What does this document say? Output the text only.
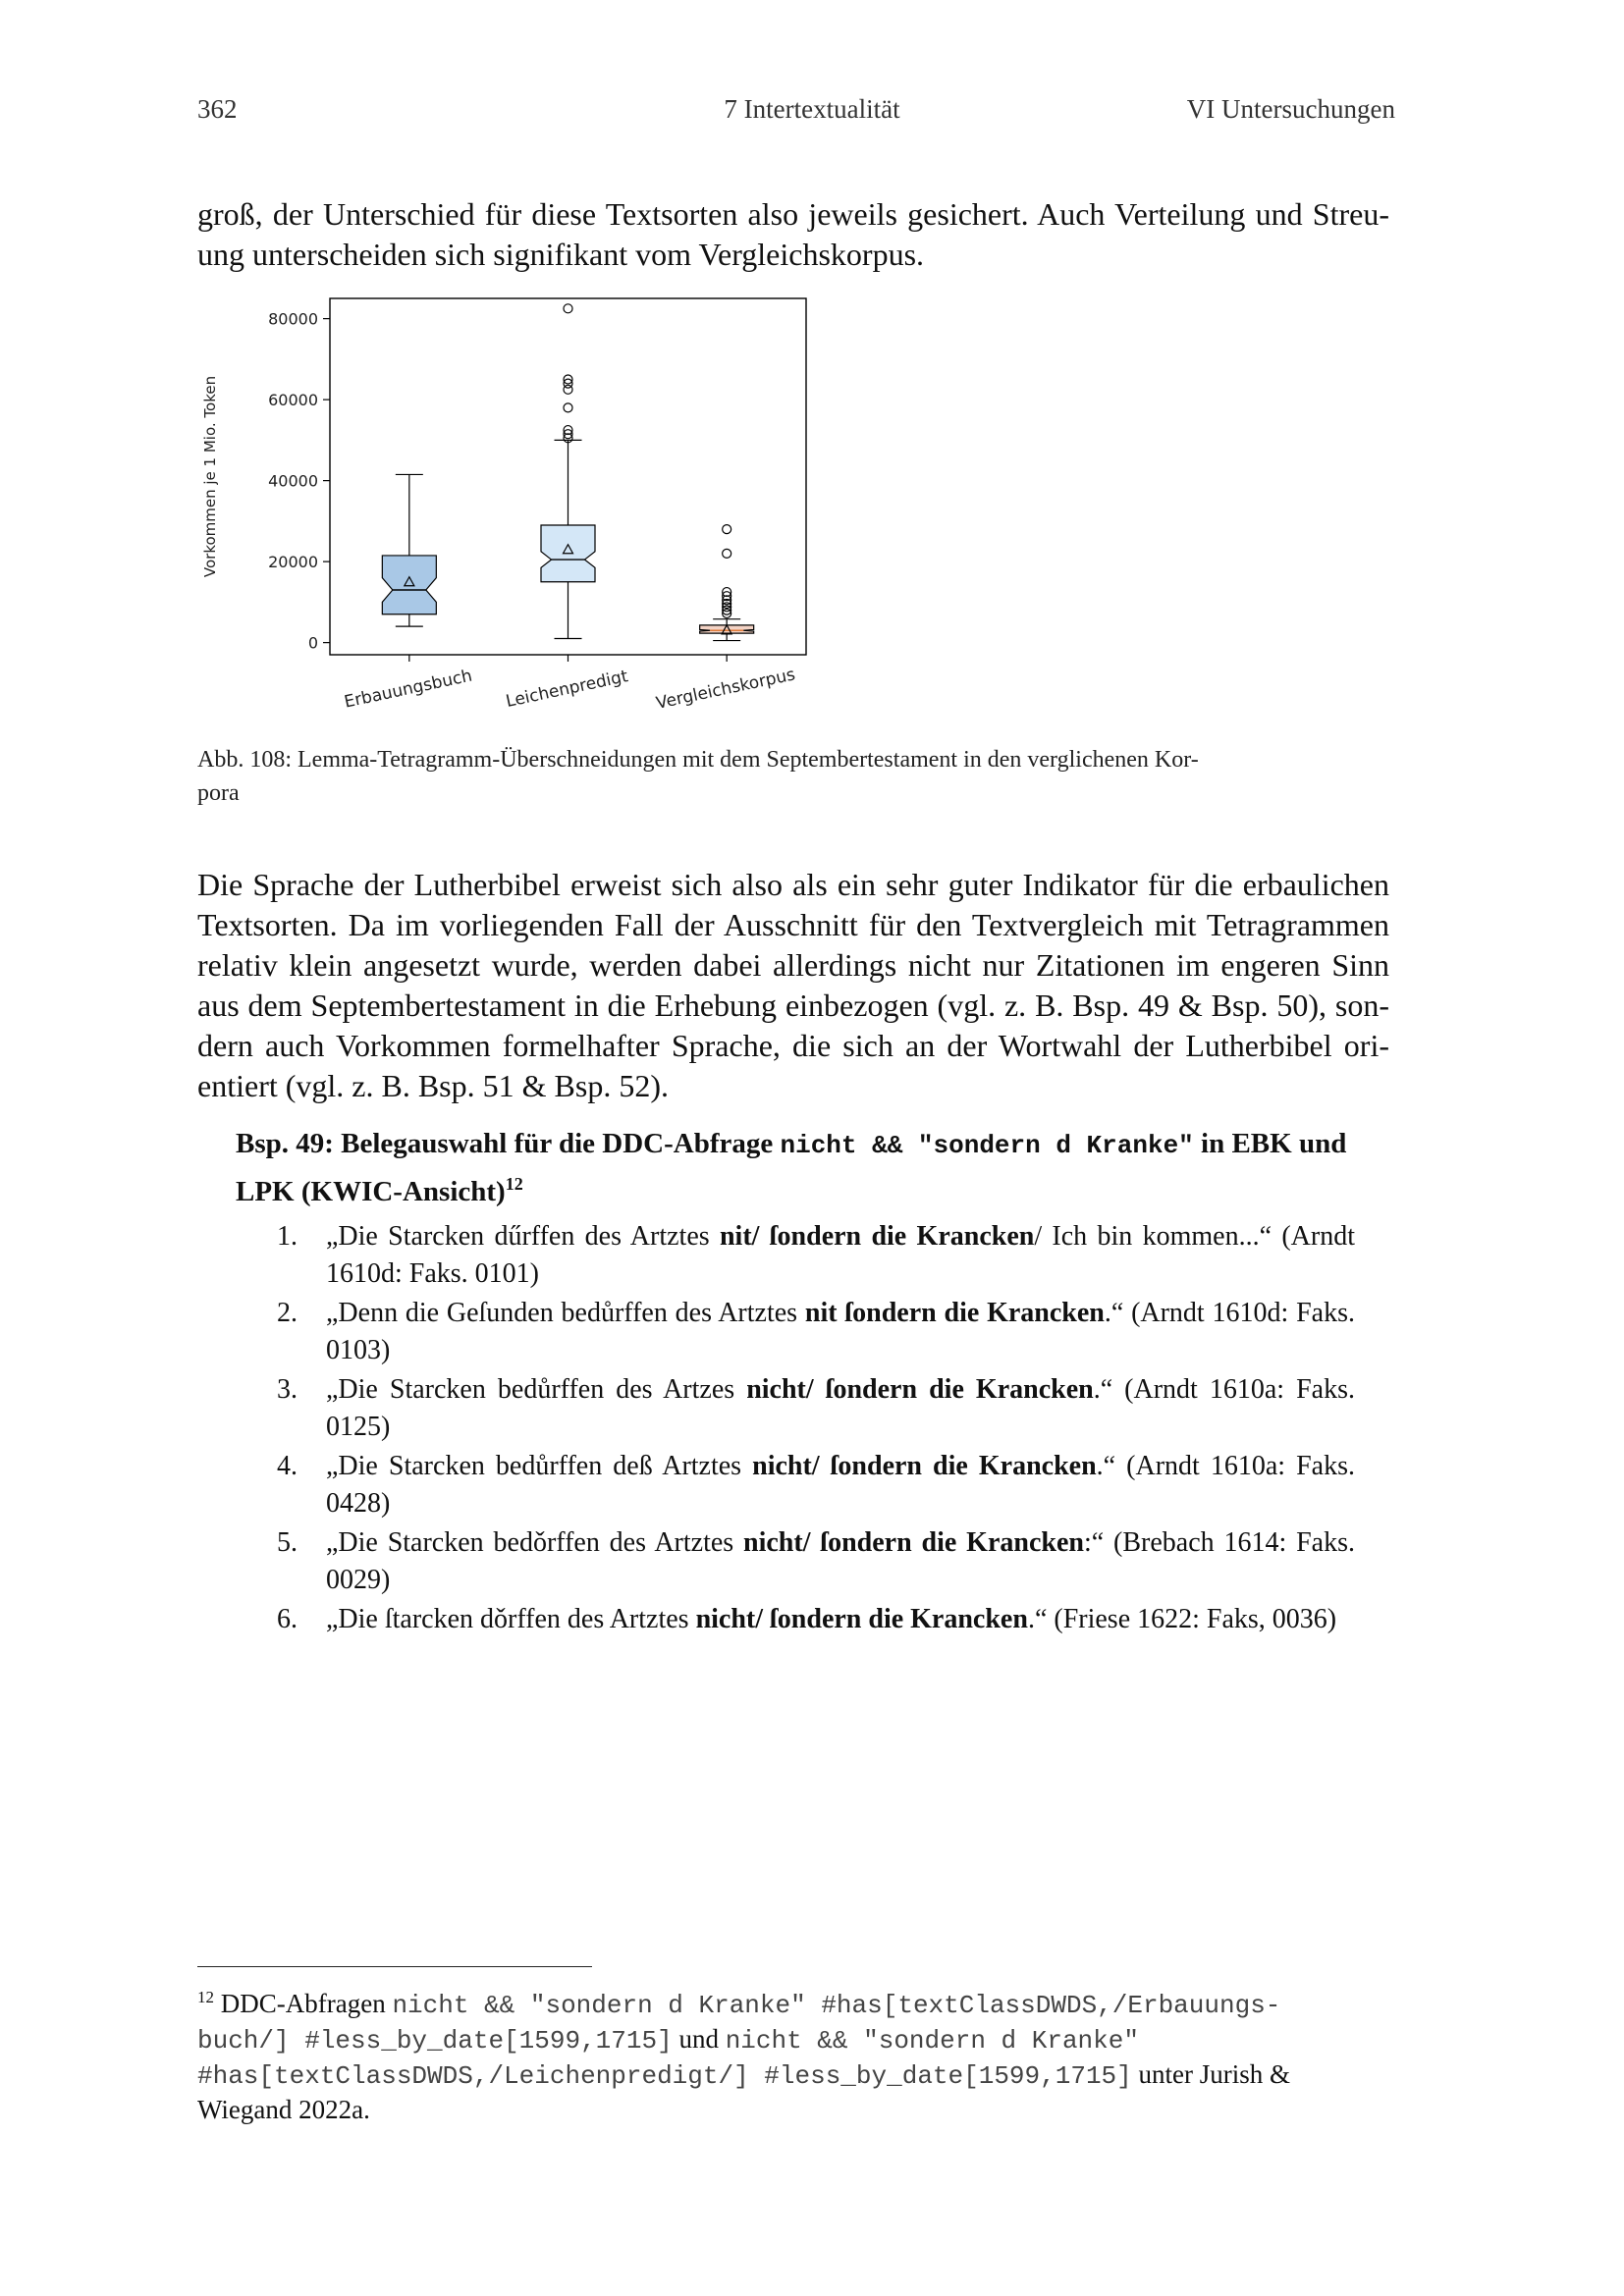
362	7 Intertextualität	VI Untersuchungen
groß, der Unterschied für diese Textsorten also jeweils gesichert. Auch Verteilung und Streu-
ung unterscheiden sich signifikant vom Vergleichskorpus.
0
20000
40000
60000
80000
Vorkommen je 1 Mio. Token
Erbauungsbuch Leichenpredigt Vergleichskorpus
Abb. 108: Lemma-Tetragramm-Überschneidungen mit dem Septembertestament in den verglichenen Kor-
pora
Die Sprache der Lutherbibel erweist sich also als ein sehr guter Indikator für die erbaulichen
Textsorten. Da im vorliegenden Fall der Ausschnitt für den Textvergleich mit Tetragrammen
relativ klein angesetzt wurde, werden dabei allerdings nicht nur Zitationen im engeren Sinn
aus dem Septembertestament in die Erhebung einbezogen (vgl. z. B. Bsp. 49 & Bsp. 50), son-
dern auch Vorkommen formelhafter Sprache, die sich an der Wortwahl der Lutherbibel ori-
entiert (vgl. z. B. Bsp. 51 & Bsp. 52).
Bsp. 49: Belegauswahl für die DDC-Abfrage nicht && "sondern d Kranke" in EBK und LPK (KWIC-Ansicht)$^{12}$
1. „Die Starcken dűrffen des Artztes nit/ ſondern die Krancken/ Ich bin kommen...“ (Arndt 1610d: Faks. 0101)
2. „Denn die Geſunden bedůrffen des Artztes nit ſondern die Krancken.“ (Arndt 1610d: Faks. 0103)
3. „Die Starcken bedůrffen des Artzes nicht/ ſondern die Krancken.“ (Arndt 1610a: Faks. 0125)
4. „Die Starcken bedůrffen deß Artztes nicht/ ſondern die Krancken.“ (Arndt 1610a: Faks. 0428)
5. „Die Starcken bedǒrffen des Artztes nicht/ ſondern die Krancken:“ (Brebach 1614: Faks. 0029)
6. „Die ſtarcken dǒrffen des Artztes nicht/ ſondern die Krancken.“ (Friese 1622: Faks, 0036)
$^{12}$ DDC-Abfragen nicht && "sondern d Kranke" #has[textClassDWDS,/Erbauungs-
buch/] #less_by_date[1599,1715] und nicht && "sondern d Kranke"
#has[textClassDWDS,/Leichenpredigt/] #less_by_date[1599,1715] unter Jurish & Wiegand 2022a.
